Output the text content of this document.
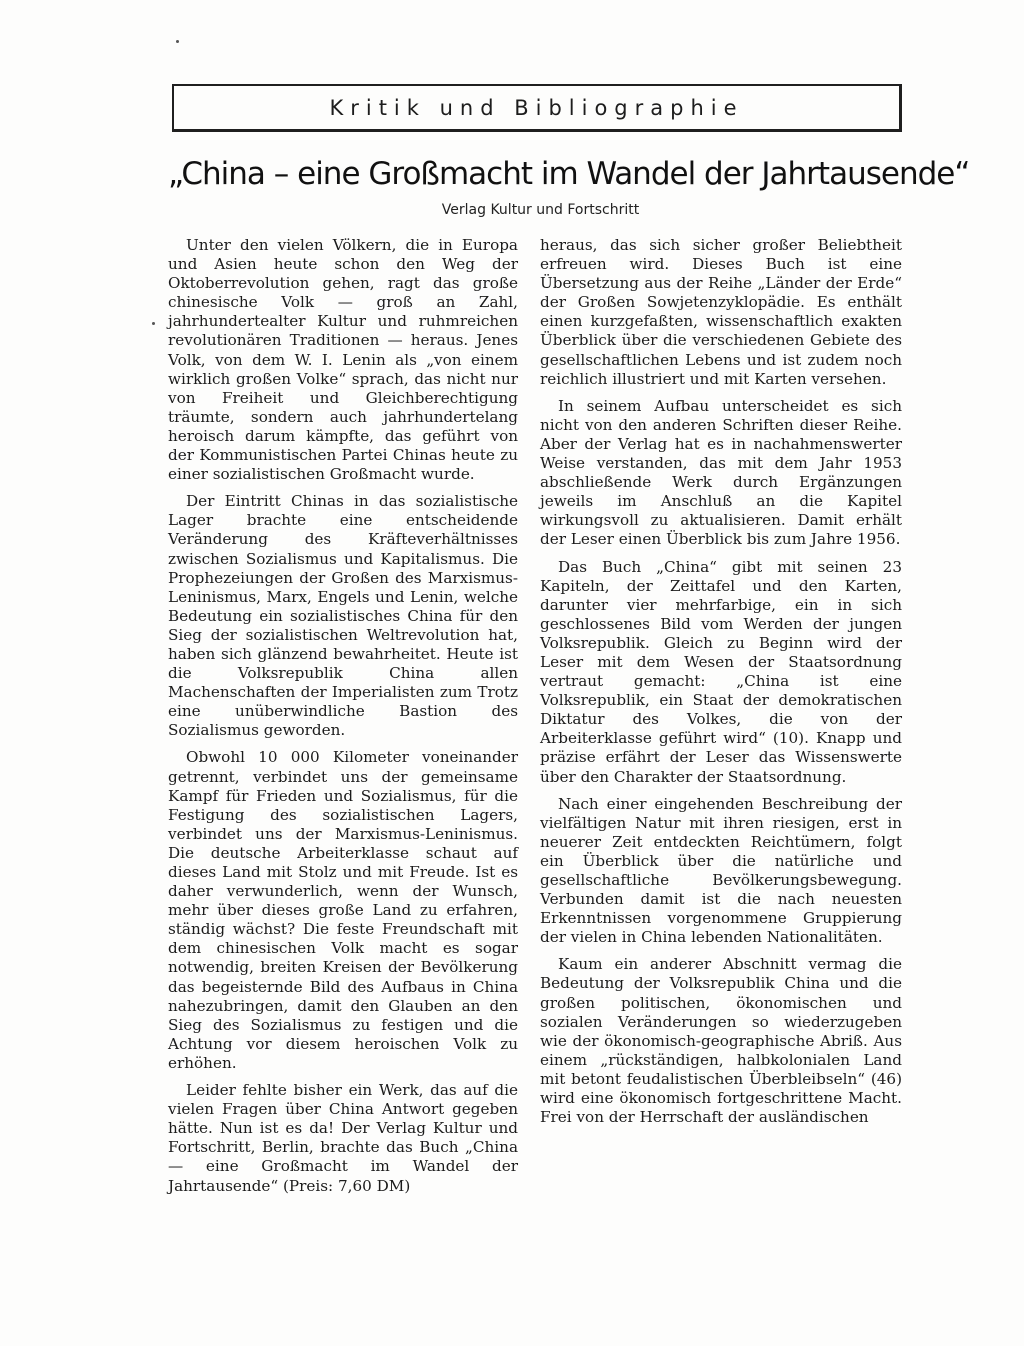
Kritik und Bibliographie
„China – eine Großmacht im Wandel der Jahrtausende“
Verlag Kultur und Fortschritt

Unter den vielen Völkern, die in Europa und Asien heute schon den Weg der Oktoberrevolution gehen, ragt das große chinesische Volk — groß an Zahl, jahrhundertealter Kultur und ruhmreichen revolutionären Traditionen — heraus. Jenes Volk, von dem W. I. Lenin als „von einem wirklich großen Volke“ sprach, das nicht nur von Freiheit und Gleichberechtigung träumte, sondern auch jahrhundertelang heroisch darum kämpfte, das geführt von der Kommunistischen Partei Chinas heute zu einer sozialistischen Großmacht wurde.

Der Eintritt Chinas in das sozialistische Lager brachte eine entscheidende Veränderung des Kräfteverhältnisses zwischen Sozialismus und Kapitalismus. Die Prophezeiungen der Großen des Marxismus-Leninismus, Marx, Engels und Lenin, welche Bedeutung ein sozialistisches China für den Sieg der sozialistischen Weltrevolution hat, haben sich glänzend bewahrheitet. Heute ist die Volksrepublik China allen Machenschaften der Imperialisten zum Trotz eine unüberwindliche Bastion des Sozialismus geworden.

Obwohl 10 000 Kilometer voneinander getrennt, verbindet uns der gemeinsame Kampf für Frieden und Sozialismus, für die Festigung des sozialistischen Lagers, verbindet uns der Marxismus-Leninismus. Die deutsche Arbeiterklasse schaut auf dieses Land mit Stolz und mit Freude. Ist es daher verwunderlich, wenn der Wunsch, mehr über dieses große Land zu erfahren, ständig wächst? Die feste Freundschaft mit dem chinesischen Volk macht es sogar notwendig, breiten Kreisen der Bevölkerung das begeisternde Bild des Aufbaus in China nahezubringen, damit den Glauben an den Sieg des Sozialismus zu festigen und die Achtung vor diesem heroischen Volk zu erhöhen.

Leider fehlte bisher ein Werk, das auf die vielen Fragen über China Antwort gegeben hätte. Nun ist es da! Der Verlag Kultur und Fortschritt, Berlin, brachte das Buch „China — eine Großmacht im Wandel der Jahrtausende“ (Preis: 7,60 DM)

heraus, das sich sicher großer Beliebtheit erfreuen wird. Dieses Buch ist eine Übersetzung aus der Reihe „Länder der Erde“ der Großen Sowjetenzyklopädie. Es enthält einen kurzgefaßten, wissenschaftlich exakten Überblick über die verschiedenen Gebiete des gesellschaftlichen Lebens und ist zudem noch reichlich illustriert und mit Karten versehen.

In seinem Aufbau unterscheidet es sich nicht von den anderen Schriften dieser Reihe. Aber der Verlag hat es in nachahmenswerter Weise verstanden, das mit dem Jahr 1953 abschließende Werk durch Ergänzungen jeweils im Anschluß an die Kapitel wirkungsvoll zu aktualisieren. Damit erhält der Leser einen Überblick bis zum Jahre 1956.

Das Buch „China“ gibt mit seinen 23 Kapiteln, der Zeittafel und den Karten, darunter vier mehrfarbige, ein in sich geschlossenes Bild vom Werden der jungen Volksrepublik. Gleich zu Beginn wird der Leser mit dem Wesen der Staatsordnung vertraut gemacht: „China ist eine Volksrepublik, ein Staat der demokratischen Diktatur des Volkes, die von der Arbeiterklasse geführt wird“ (10). Knapp und präzise erfährt der Leser das Wissenswerte über den Charakter der Staatsordnung.

Nach einer eingehenden Beschreibung der vielfältigen Natur mit ihren riesigen, erst in neuerer Zeit entdeckten Reichtümern, folgt ein Überblick über die natürliche und gesellschaftliche Bevölkerungsbewegung. Verbunden damit ist die nach neuesten Erkenntnissen vorgenommene Gruppierung der vielen in China lebenden Nationalitäten.

Kaum ein anderer Abschnitt vermag die Bedeutung der Volksrepublik China und die großen politischen, ökonomischen und sozialen Veränderungen so wiederzugeben wie der ökonomisch-geographische Abriß. Aus einem „rückständigen, halbkolonialen Land mit betont feudalistischen Überbleibseln“ (46) wird eine ökonomisch fortgeschrittene Macht. Frei von der Herrschaft der ausländischen
